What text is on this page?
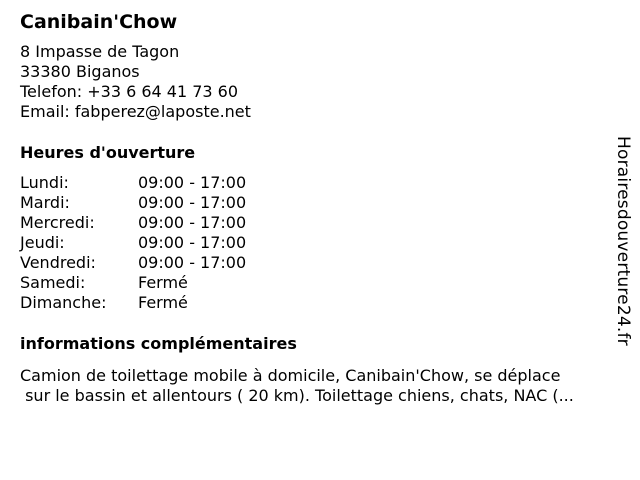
Canibain'Chow
8 Impasse de Tagon
33380 Biganos
Telefon: +33 6 64 41 73 60
Email: fabperez@laposte.net
Heures d'ouverture
Lundi:	09:00 - 17:00
Mardi:	09:00 - 17:00
Mercredi:	09:00 - 17:00
Jeudi:	09:00 - 17:00
Vendredi:	09:00 - 17:00
Samedi:	Fermé
Dimanche:	Fermé
informations complémentaires
Camion de toilettage mobile à domicile, Canibain'Chow, se déplace
sur le bassin et allentours ( 20 km). Toilettage chiens, chats, NAC (...
Horairesdouverture24.fr
